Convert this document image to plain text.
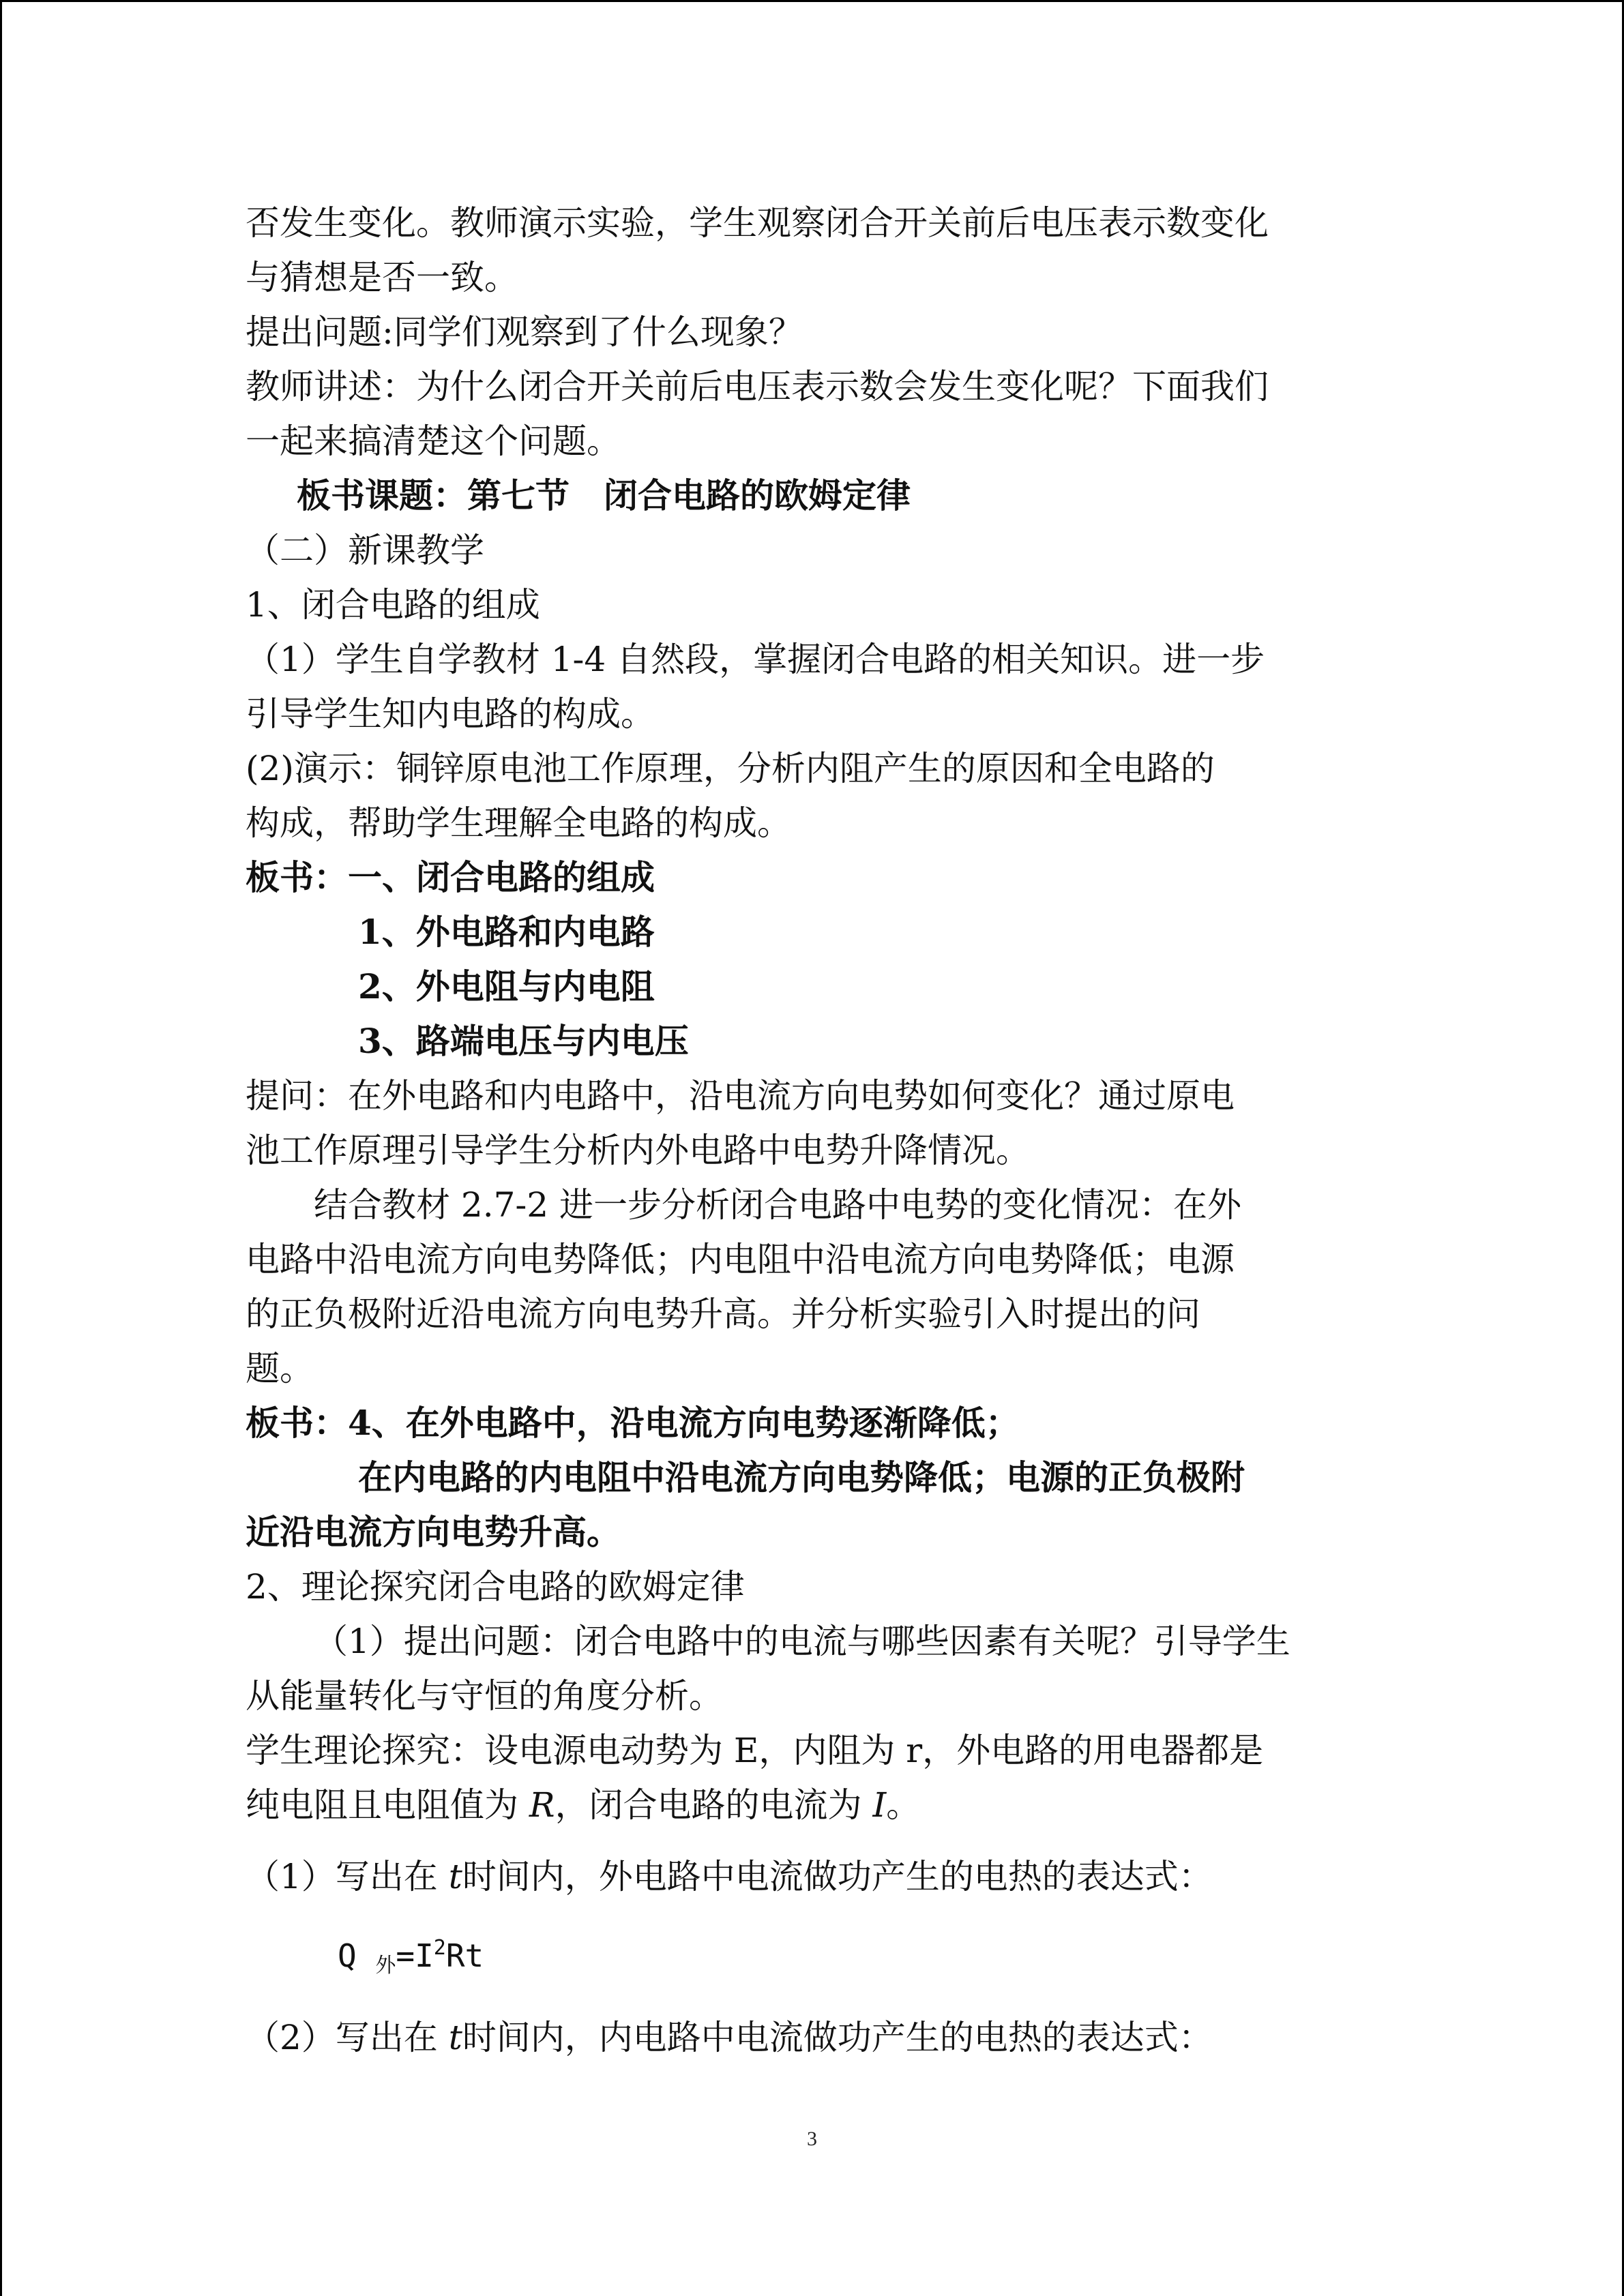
否发生变化。教师演示实验，学生观察闭合开关前后电压表示数变化
与猜想是否一致。
提出问题:同学们观察到了什么现象？
教师讲述：为什么闭合开关前后电压表示数会发生变化呢？下面我们
一起来搞清楚这个问题。
板书课题：第七节　闭合电路的欧姆定律
（二）新课教学
1、闭合电路的组成
（1）学生自学教材 1-4 自然段，掌握闭合电路的相关知识。进一步
引导学生知内电路的构成。
(2)演示：铜锌原电池工作原理，分析内阻产生的原因和全电路的
构成，帮助学生理解全电路的构成。
板书：一、闭合电路的组成
1、外电路和内电路
2、外电阻与内电阻
3、路端电压与内电压
提问：在外电路和内电路中，沿电流方向电势如何变化？通过原电
池工作原理引导学生分析内外电路中电势升降情况。
结合教材 2.7-2 进一步分析闭合电路中电势的变化情况：在外
电路中沿电流方向电势降低；内电阻中沿电流方向电势降低；电源
的正负极附近沿电流方向电势升高。并分析实验引入时提出的问
题。
板书：4、在外电路中，沿电流方向电势逐渐降低；
在内电路的内电阻中沿电流方向电势降低；电源的正负极附
近沿电流方向电势升高。
2、理论探究闭合电路的欧姆定律
（1）提出问题：闭合电路中的电流与哪些因素有关呢？引导学生
从能量转化与守恒的角度分析。
学生理论探究：设电源电动势为 E，内阻为 r，外电路的用电器都是
纯电阻且电阻值为 R，闭合电路的电流为 I。
（1）写出在 t时间内，外电路中电流做功产生的电热的表达式：
Q $_外=I^2Rt$
（2）写出在 t时间内，内电路中电流做功产生的电热的表达式：
3
